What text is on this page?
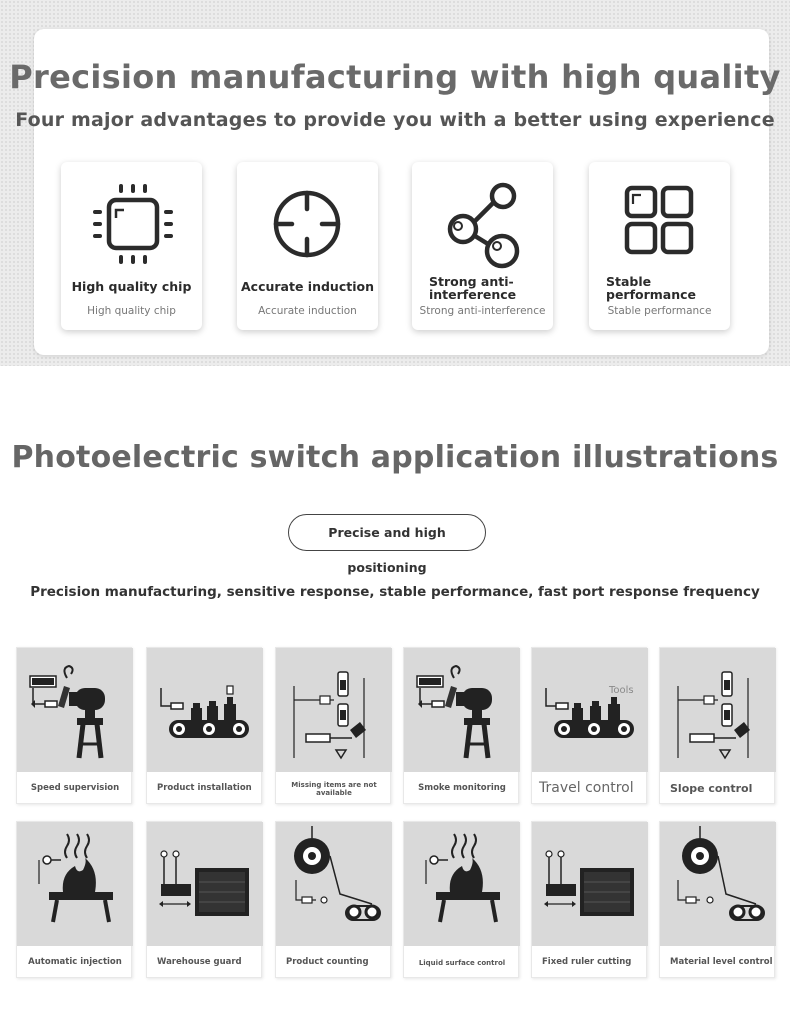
Precision manufacturing with high quality
Four major advantages to provide you with a better using experience
High quality chip
High quality chip
Accurate induction
Accurate induction
Strong anti-interference
Strong anti-interference
Stable performance
Stable performance
Photoelectric switch application illustrations
Precise and high positioning
Precision manufacturing, sensitive response, stable performance, fast port response frequency
Speed supervision	Product installation	Missing items are not available	Smoke monitoring
Tools
Travel control	Slope control
Automatic injection	Warehouse guard	Product counting	Liquid surface control	Fixed ruler cutting	Material level control
